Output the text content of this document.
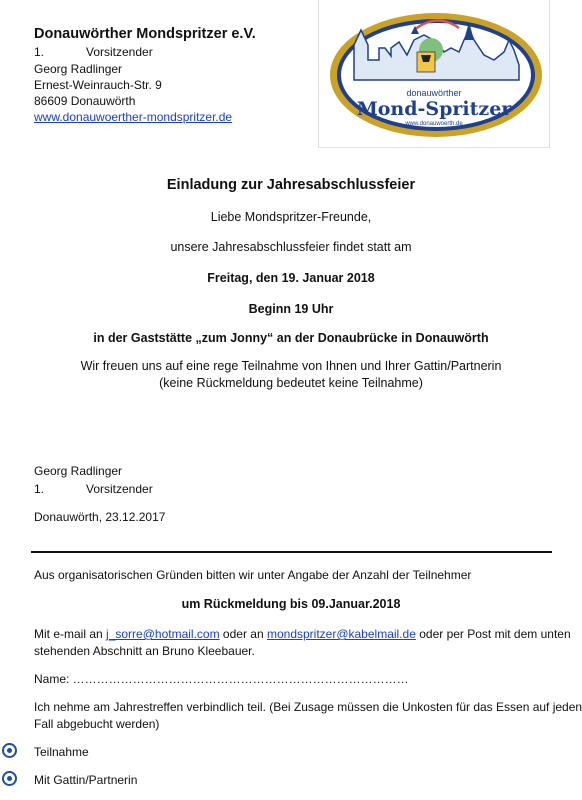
Donauwörther Mondspritzer e.V.
1.	Vorsitzender
Georg Radlinger
Ernest-Weinrauch-Str. 9
86609 Donauwörth
www.donauwoerther-mondspritzer.de
donauwörther
Mond-Spritzer
www.donauwoerth.de
Einladung zur Jahresabschlussfeier
Liebe Mondspritzer-Freunde,
unsere Jahresabschlussfeier findet statt am
Freitag, den 19. Januar 2018
Beginn 19 Uhr
in der Gaststätte „zum Jonny“ an der Donaubrücke in Donauwörth
Wir freuen uns auf eine rege Teilnahme von Ihnen und Ihrer Gattin/Partnerin
(keine Rückmeldung bedeutet keine Teilnahme)
Georg Radlinger
1.	Vorsitzender
Donauwörth, 23.12.2017
Aus organisatorischen Gründen bitten wir unter Angabe der Anzahl der Teilnehmer
um Rückmeldung bis 09.Januar.2018
Mit e-mail an j_sorre@hotmail.com oder an mondspritzer@kabelmail.de oder per Post mit dem unten
stehenden Abschnitt an Bruno Kleebauer.
Name: …………………………………………………………………………
Ich nehme am Jahrestreffen verbindlich teil. (Bei Zusage müssen die Unkosten für das Essen auf jeden
Fall abgebucht werden)
Teilnahme
Mit Gattin/Partnerin
